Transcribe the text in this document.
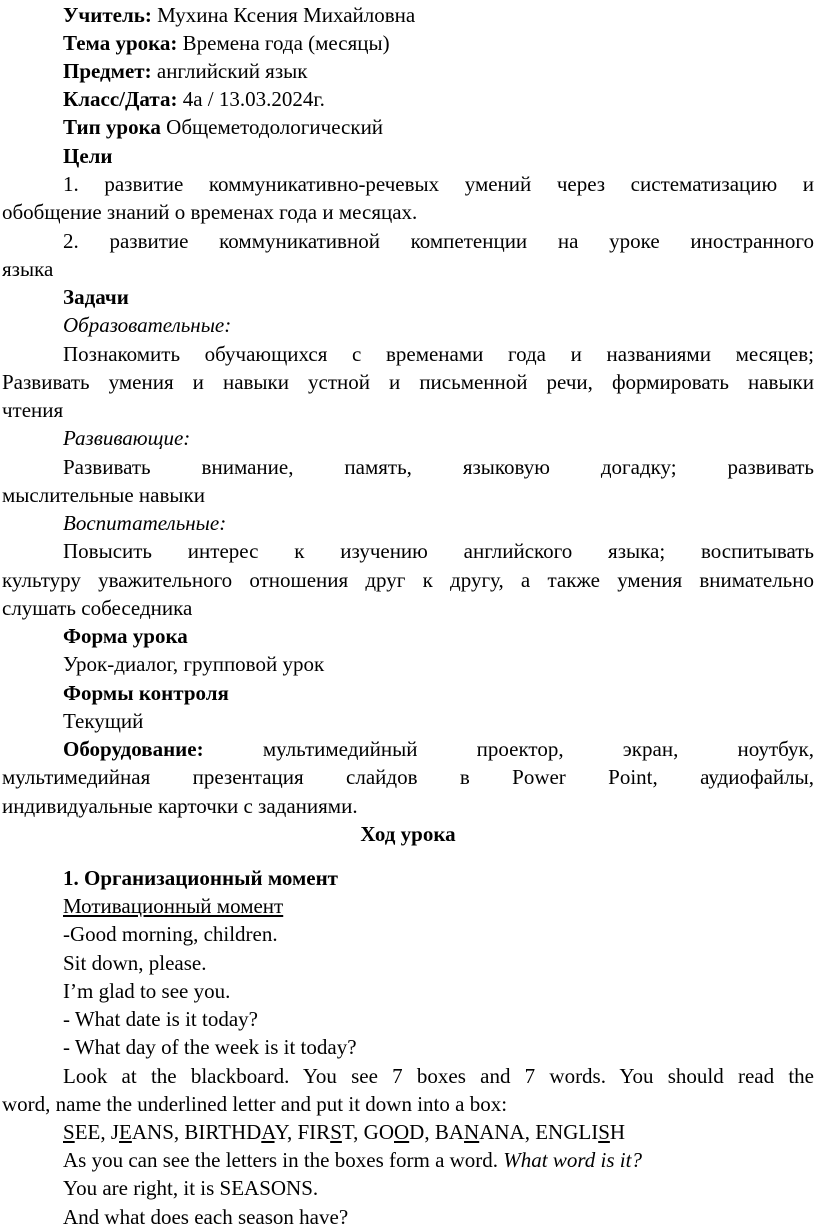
Учитель: Мухина Ксения Михайловна
Тема урока: Времена года (месяцы)
Предмет: английский язык
Класс/Дата: 4а / 13.03.2024г.
Тип урока Общеметодологический
Цели
1. развитие коммуникативно-речевых умений через систематизацию и
обобщение знаний о временах года и месяцах.
2. развитие коммуникативной компетенции на уроке иностранного
языка
Задачи
Образовательные:
Познакомить обучающихся с временами года и названиями месяцев;
Развивать умения и навыки устной и письменной речи, формировать навыки
чтения
Развивающие:
Развивать внимание, память, языковую догадку; развивать
мыслительные навыки
Воспитательные:
Повысить интерес к изучению английского языка; воспитывать
культуру уважительного отношения друг к другу, а также умения внимательно
слушать собеседника
Форма урока
Урок-диалог, групповой урок
Формы контроля
Текущий
Оборудование:	мультимедийный проектор, экран, ноутбук,
мультимедийная презентация слайдов в Power Point, аудиофайлы,
индивидуальные карточки с заданиями.
Ход урока
1. Организационный момент
Мотивационный момент
-Good morning, children.
Sit down, please.
I’m glad to see you.
- What date is it today?
- What day of the week is it today?
Look at the blackboard. You see 7 boxes and 7 words. You should read the
word, name the underlined letter and put it down into a box:
SEE, JEANS, BIRTHDAY, FIRST, GOOD, BANANA, ENGLISH
As you can see the letters in the boxes form a word. What word is it?
You are right, it is SEASONS.
And what does each season have?
